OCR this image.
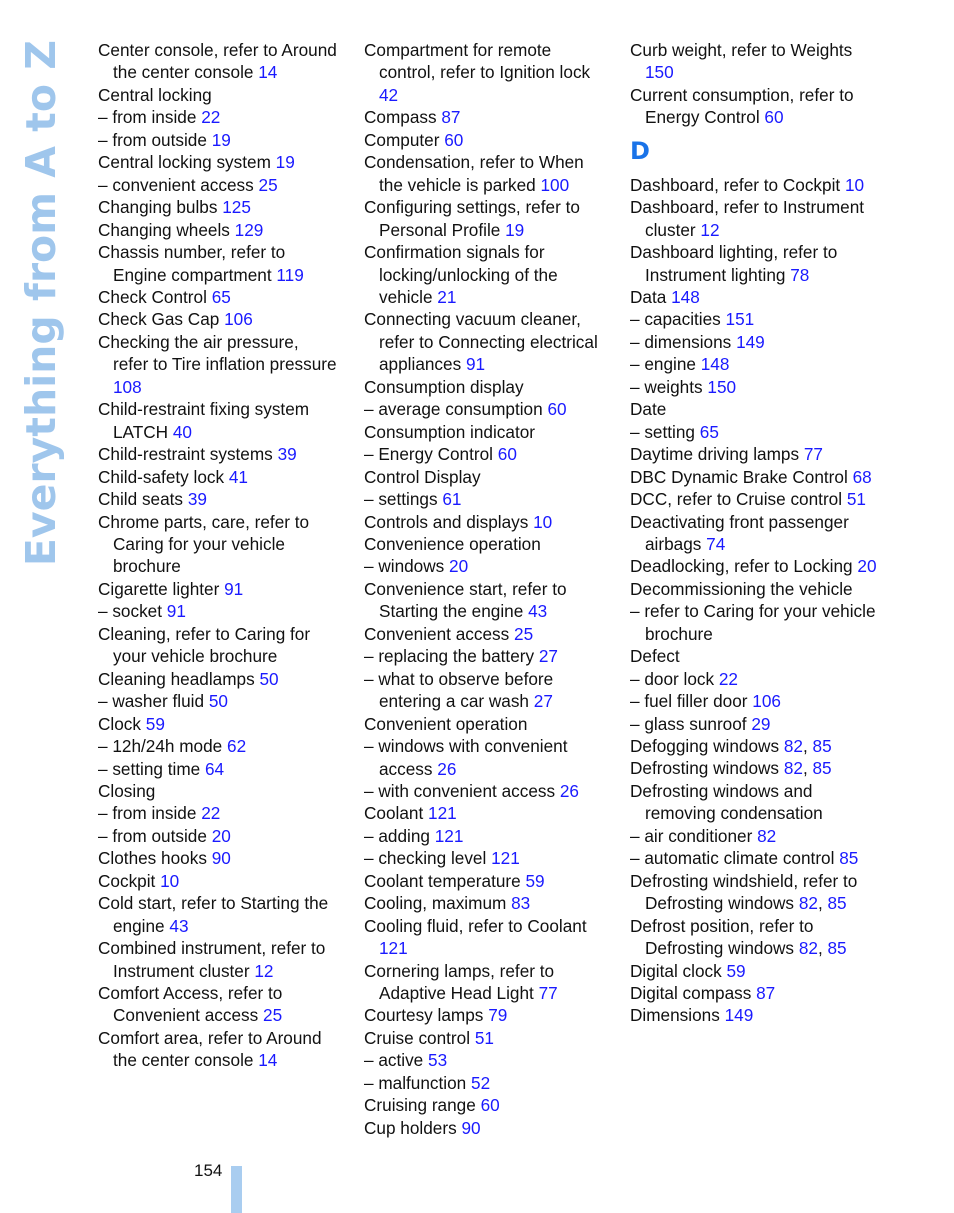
Everything from A to Z Center console, refer to Around the center console 14
Central locking
– from inside 22
– from outside 19
Central locking system 19
– convenient access 25
Changing bulbs 125
Changing wheels 129
Chassis number, refer to Engine compartment 119
Check Control 65
Check Gas Cap 106
Checking the air pressure, refer to Tire inflation pressure 108
Child-restraint fixing system LATCH 40
Child-restraint systems 39
Child-safety lock 41
Child seats 39
Chrome parts, care, refer to Caring for your vehicle brochure
Cigarette lighter 91
– socket 91
Cleaning, refer to Caring for your vehicle brochure
Cleaning headlamps 50
– washer fluid 50
Clock 59
– 12h/24h mode 62
– setting time 64
Closing
– from inside 22
– from outside 20
Clothes hooks 90
Cockpit 10
Cold start, refer to Starting the engine 43
Combined instrument, refer to Instrument cluster 12
Comfort Access, refer to Convenient access 25
Comfort area, refer to Around the center console 14
Compartment for remote control, refer to Ignition lock 42
Compass 87
Computer 60
Condensation, refer to When the vehicle is parked 100
Configuring settings, refer to Personal Profile 19
Confirmation signals for locking/unlocking of the vehicle 21
Connecting vacuum cleaner, refer to Connecting electrical appliances 91
Consumption display
– average consumption 60
Consumption indicator
– Energy Control 60
Control Display
– settings 61
Controls and displays 10
Convenience operation
– windows 20
Convenience start, refer to Starting the engine 43
Convenient access 25
– replacing the battery 27
– what to observe before entering a car wash 27
Convenient operation
– windows with convenient access 26
– with convenient access 26
Coolant 121
– adding 121
– checking level 121
Coolant temperature 59
Cooling, maximum 83
Cooling fluid, refer to Coolant 121
Cornering lamps, refer to Adaptive Head Light 77
Courtesy lamps 79
Cruise control 51
– active 53
– malfunction 52
Cruising range 60
Cup holders 90
Curb weight, refer to Weights 150
Current consumption, refer to Energy Control 60
D
Dashboard, refer to Cockpit 10
Dashboard, refer to Instrument cluster 12
Dashboard lighting, refer to Instrument lighting 78
Data 148
– capacities 151
– dimensions 149
– engine 148
– weights 150
Date
– setting 65
Daytime driving lamps 77
DBC Dynamic Brake Control 68
DCC, refer to Cruise control 51
Deactivating front passenger airbags 74
Deadlocking, refer to Locking 20
Decommissioning the vehicle
– refer to Caring for your vehicle brochure
Defect
– door lock 22
– fuel filler door 106
– glass sunroof 29
Defogging windows 82, 85
Defrosting windows 82, 85
Defrosting windows and removing condensation
– air conditioner 82
– automatic climate control 85
Defrosting windshield, refer to Defrosting windows 82, 85
Defrost position, refer to Defrosting windows 82, 85
Digital clock 59
Digital compass 87
Dimensions 149
154
